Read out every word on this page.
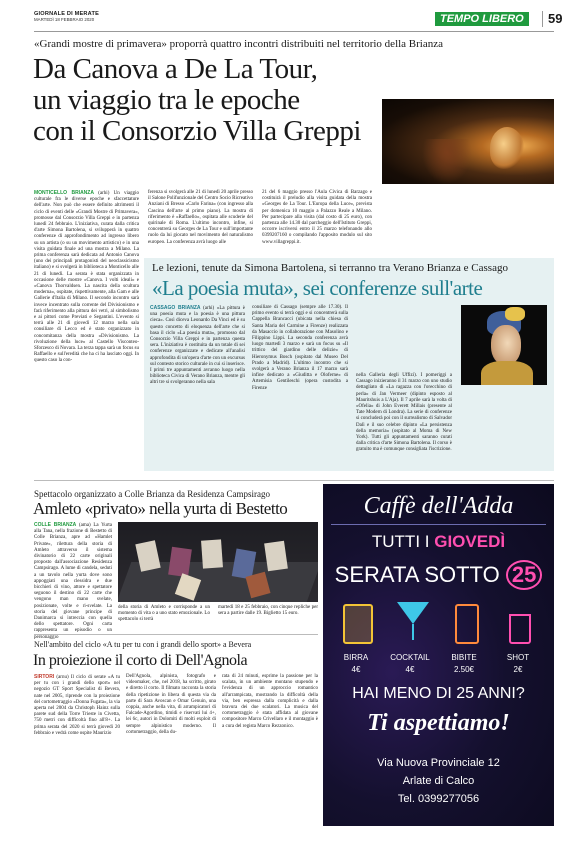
GIORNALE DI MERATE
MARTEDÌ 18 FEBBRAIO 2020	TEMPO LIBERO	59
«Grandi mostre di primavera» proporrà quattro incontri distribuiti nel territorio della Brianza
Da Canova a De La Tour,
un viaggio tra le epoche
con il Consorzio Villa Greppi
MONTICELLO BRIANZA (arhi) Un viaggio culturale fra le diverse epoche e sfaccettature dell'arte. Non può che essere definito altrimenti il ciclo di eventi delle «Grandi Mostre di Primavera», promosse dal Consorzio Villa Greppi e in partenza lunedì 24 febbraio. L'iniziativa, curata dalla critica d'arte Simona Bartolena, si svilupperà in quattro conferenze di approfondimento ad ingresso libero su un artista (o su un movimento artistico) e in una visita guidata finale ad una mostra a Milano. La prima conferenza sarà dedicata ad Antonio Canova (uno dei principali protagonisti del neoclassicismo italiano) e si svolgerà in biblioteca a Monticello alle 21 di lunedì. La serata è stata organizzata in occasione delle mostre «Canova. I volti ideali» e «Canova Thorvaldsen. La nascita della scultura moderna», ospitate, rispettivamente, alla Gam e alle Gallerie d'Italia di Milano. Il secondo incontro sarà invece incentrato sulla corrente del Divisionismo e farà riferimento alla pittura dei vetri, al simbolismo e ai pittori come Previati e Segantini. L'evento si terrà alle 21 di giovedì 12 marzo nella sala consiliare di Lecco ed è stato organizzato in concomitanza della mostra «Divisionismo. La rivoluzione della luce» al Castello Visconteo-Sforzesco di Novara. La terza tappa sarà un focus su Raffaello e sull'eredità che ha ci ha lasciato oggi. In questo caso la con-
ferenza si svolgerà alle 21 di lunedì 20 aprile presso il Salone Polifunzionale del Centro Socio Ricreativo Anziani di Bresso «Carlo Farina» (con ingresso alla Cascina dell'arte al primo piano). La mostra di riferimento è «Raffaello», ospitata alle scuderie del quirinale di Roma. L'ultimo incontro, infine, si concentrerà su Georges de La Tour e sull'importante ruolo da lui giocato nel movimento del naturalismo europeo. La conferenza avrà luogo alle
21 del 6 maggio presso l'Aula Civica di Barzago e costituirà il preludio alla visita guidata della mostra «Georges de La Tour. L'Europa della Luce», prevista per domenica 10 maggio a Palazzo Reale a Milano. Per partecipare alla visita (dal costo di 25 euro), con partenza alle 14.30 dal parcheggio dell'Istituto Greppi, occorre iscriversi entro il 25 marzo telefonando allo 0399207160 o compilando l'apposito modulo sul sito www.villagreppi.it.
Le lezioni, tenute da Simona Bartolena, si terranno tra Verano Brianza e Cassago
«La poesia muta», sei conferenze sull'arte
CASSAGO BRIANZA (arhi) «La pittura è una poesia muta e la poesia è una pittura cieca». Così diceva Leonardo Da Vinci ed è su questo concetto di eloquenza dell'arte che si basa il ciclo «La poesia muta», promosso dal Consorzio Villa Greppi e in partenza questa sera. L'iniziativa è costituita da un totale di sei conferenze organizzate e dedicate all'analisi approfondita di un'opera d'arte con un excursus sul contesto storico culturale in cui si inserisce. I primi tre appuntamenti avranno luogo nella biblioteca Civica di Verano Brianza, mentre gli altri tre si svolgeranno nella sala
consiliare di Cassago (sempre alle 17.30). Il primo evento si terrà oggi e si concentrerà sulla Cappella Brancacci (ubicata nella chiesa di Santa Maria del Carmine a Firenze) realizzata da Masaccio in collaborazione con Masolino e Filippino Lippi. La seconda conferenza avrà luogo martedì 3 marzo e sarà un focus su «Il trittico del giardino delle delizie» di Hieronymus Bosch (ospitato dal Museo Del Prado a Madrid). L'ultimo incontro che si svolgerà a Verano Brianza il 17 marzo sarà infine dedicato a «Giuditta e Oloferne» di Artemisia Gentileschi (opera custodita a Firenze
nella Galleria degli Uffizi). I pomeriggi a Cassago inizieranno il 31 marzo con uno studio dettagliato di «La ragazza con l'orecchino di perla» di Jan Vermeer (dipinto esposto al Mauritshuis a L'Aja). Il 7 aprile sarà la volta di «Ofelia» di John Everett Millais (presente al Tate Modern di Londra). La serie di conferenze si concluderà poi con il surrealismo di Salvador Dalì e il suo celebre dipinto «La persistenza della memoria» (ospitato al Moma di New York). Tutti gli appuntamenti saranno curati dalla critica d'arte Simona Bartolena. Il corso è gratuito ma è comunque consigliata l'iscrizione.
Spettacolo organizzato a Colle Brianza da Residenza Campsirago
Amleto «privato» nella yurta di Bestetto
COLLE BRIANZA (ama) La Yurta alla Tana, nella frazione di Bestetto di Colle Brianza, apre ad «Hamlet Private», rilettura della storia di Amleto attraverso il sistema divinatorio di 22 carte originali proposto dall'associazione Residenza Campsirago. A lume di candela, seduti a un tavolo nella yurta dove sono appoggiati una clessidra e due bicchieri di vino, attore e spettatore seguono il destino di 22 carte che vengono man mano svelate, posizionate, volte e ri-svelate. La storia del giovane principe di Danimarca si intreccia con quella dello spettatore. Ogni carta rappresenta un episodio o un personaggio
della storia di Amleto e corrisponde a un momento di vita o a uno stato emozionale. Lo spettacolo si terrà
martedì 18 e 25 febbraio, con cinque repliche per sera a partire dalle 19. Biglietto 15 euro.
Caffè dell'Adda
TUTTI I GIOVEDÌ
SERATA SOTTO 25
BIRRA
4€
COCKTAIL
4€
BIBITE
2.50€
SHOT
2€
HAI MENO DI 25 ANNI?
Ti aspettiamo!
Via Nuova Provinciale 12
Arlate di Calco
Tel. 0399277056
Nell'ambito del ciclo «A tu per tu con i grandi dello sport» a Bevera
In proiezione il corto di Dell'Agnola
SIRTORI (arnu) Il ciclo di serate «A tu per tu con i grandi dello sport» nel negozio GT Sport Specialist di Bevera, nate nel 2005, riprende con la proiezione del cortometraggio «Donna Fugata», la via aperta nel 2004 da Christoph Hainz sulla parete sud della Torre Trieste in Civetta, 750 metri con difficoltà fino all'8+. La prima serata del 2020 si terrà giovedì 20 febbraio e vedrà come ospite Maurizio
Dell'Agnola, alpinista, fotografo e videomaker, che, nel 2018, ha scritto, girato e diretto il corto. Il filmato racconta la storia della ripetizione in libera di questa via da parte di Sara Avoscan e Omar Genuin, una coppia, anche nella vita, di arrampicatori di Falcade-Agordino, timidi e riservati lui 4+, lei 6c, autori in Dolomiti di molti exploit di sempre alpinistico moderno. Il cortometraggio, della du-
rata di 24 minuti, esprime la passione per la scalata, in un ambiente montano stupendo e l'evidenza di un approccio romantico all'arrampicata, mostrando la difficoltà della via, ben espressa dalla complicità e dalla bravura dei due scalatori. La musica del cortometraggio è stata affidata al giovane compositore Marco Crivellaro e il montaggio è a cura del regista Marco Rezzonico.
